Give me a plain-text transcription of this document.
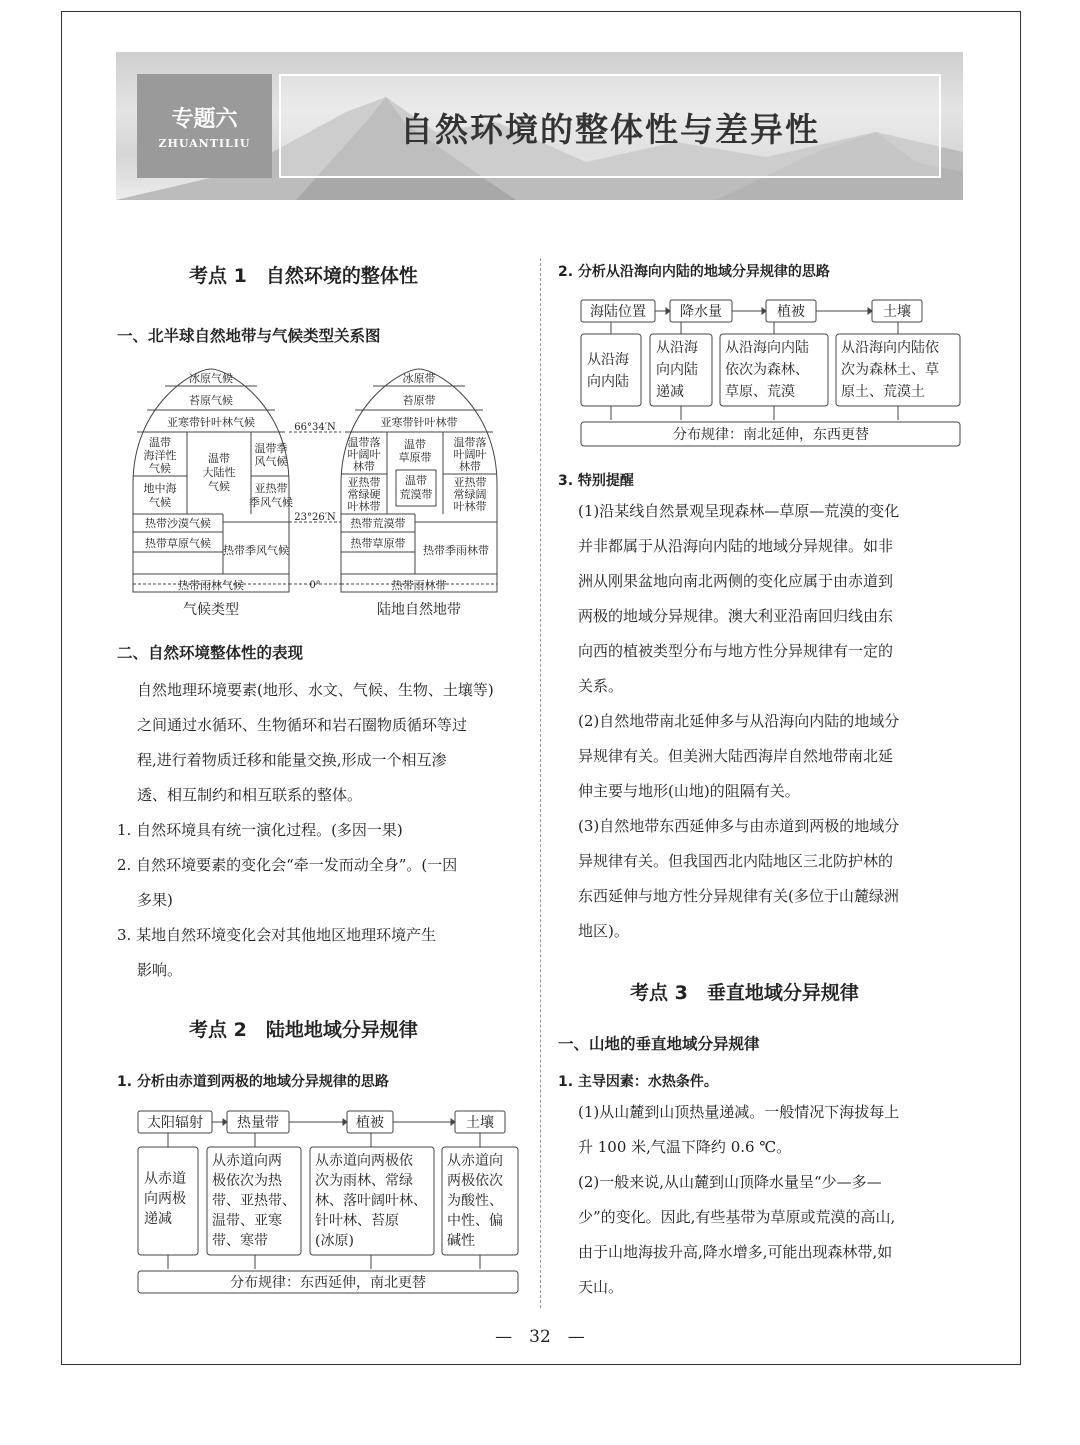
专题六
ZHUANTILIU	自然环境的整体性与差异性
考点 1　自然环境的整体性
一、北半球自然地带与气候类型关系图
冰原气候
苔原气候
亚寒带针叶林气候
温带
海洋性
气候
温带
大陆性
气候
温带季
风气候
地中海
气候
亚热带
季风气候
热带沙漠气候
热带草原气候
热带季风气候
热带雨林气候
冰原带
苔原带
亚寒带针叶林带
温带落
叶阔叶
林带
温带
草原带
温带落
叶阔叶
林带
亚热带
常绿硬
叶林带
温带
荒漠带
亚热带
常绿阔
叶林带
热带荒漠带
热带草原带
热带季雨林带
热带雨林带
66°34′N
23°26′N
0°
气候类型	陆地自然地带
二、自然环境整体性的表现
自然地理环境要素(地形、水文、气候、生物、土壤等)
之间通过水循环、生物循环和岩石圈物质循环等过
程,进行着物质迁移和能量交换,形成一个相互渗
透、相互制约和相互联系的整体。
1. 自然环境具有统一演化过程。(多因一果)
2. 自然环境要素的变化会“牵一发而动全身”。(一因
多果)
3. 某地自然环境变化会对其他地区地理环境产生
影响。
考点 2　陆地地域分异规律
1. 分析由赤道到两极的地域分异规律的思路
太阳辐射 热量带	植被	土壤
从赤道
向两极
递减
从赤道向两
极依次为热
带、亚热带、
温带、亚寒
带、寒带
从赤道向两极依
次为雨林、常绿
林、落叶阔叶林、
针叶林、苔原
(冰原)
从赤道向
两极依次
为酸性、
中性、偏
碱性
分布规律：东西延伸，南北更替
2. 分析从沿海向内陆的地域分异规律的思路
海陆位置 降水量	植被	土壤
从沿海
向内陆
从沿海
向内陆
递减
从沿海向内陆
依次为森林、
草原、荒漠
从沿海向内陆依
次为森林土、草
原土、荒漠土
分布规律：南北延伸，东西更替
3. 特别提醒
(1)沿某线自然景观呈现森林—草原—荒漠的变化
并非都属于从沿海向内陆的地域分异规律。如非
洲从刚果盆地向南北两侧的变化应属于由赤道到
两极的地域分异规律。澳大利亚沿南回归线由东
向西的植被类型分布与地方性分异规律有一定的
关系。
(2)自然地带南北延伸多与从沿海向内陆的地域分
异规律有关。但美洲大陆西海岸自然地带南北延
伸主要与地形(山地)的阻隔有关。
(3)自然地带东西延伸多与由赤道到两极的地域分
异规律有关。但我国西北内陆地区三北防护林的
东西延伸与地方性分异规律有关(多位于山麓绿洲
地区)。
考点 3　垂直地域分异规律
一、山地的垂直地域分异规律
1. 主导因素：水热条件。
(1)从山麓到山顶热量递减。一般情况下海拔每上
升 100 米,气温下降约 0.6 ℃。
(2)一般来说,从山麓到山顶降水量呈“少—多—
少”的变化。因此,有些基带为草原或荒漠的高山,
由于山地海拔升高,降水增多,可能出现森林带,如
天山。
—　32　—
